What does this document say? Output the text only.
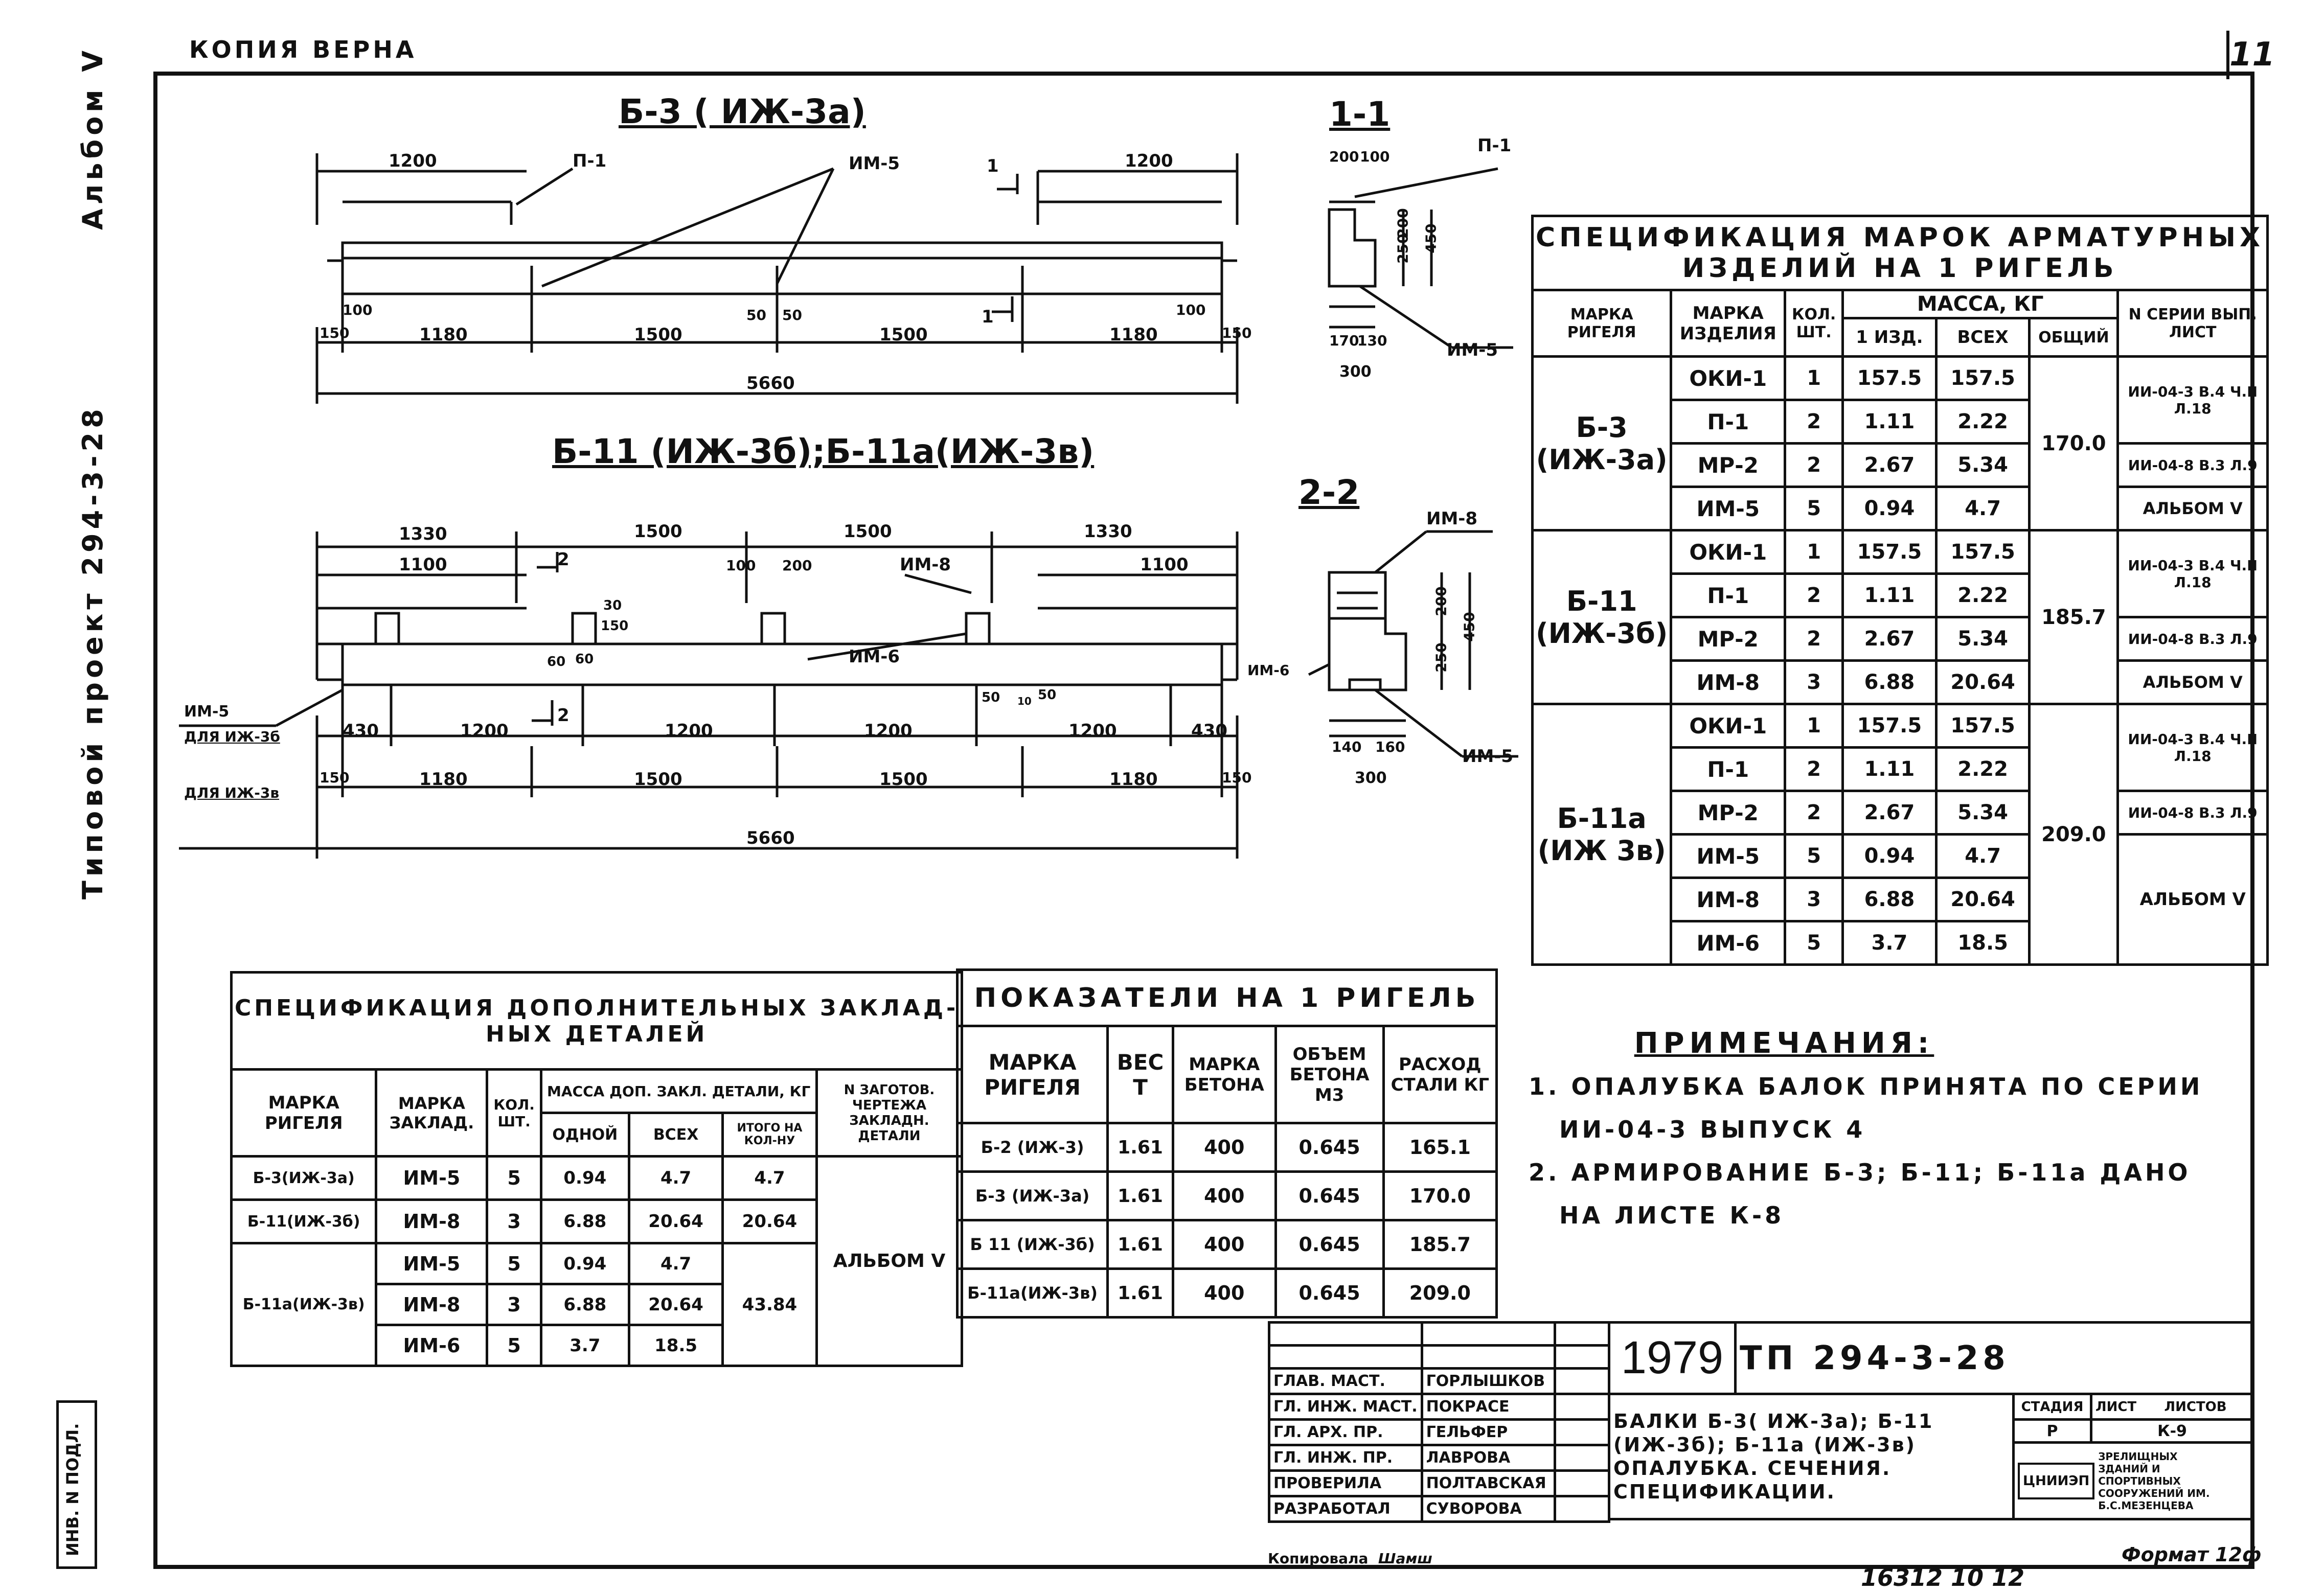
11
КОПИЯ ВЕРНА
Типовой проект 294-3-28
Альбом V
ИНВ. N ПОДЛ.
Б-3 ( ИЖ-3а)	1-1
1200	1200
П-1	ИМ-5	1
1
100	50 50	100
150	1180	1500	1500	1180	150
5660
200 100
250
200
450
170
130
300
П-1
ИМ-5
Б-11 (ИЖ-3б);Б-11а(ИЖ-3в)
2-2
1330	1500	1500	1330
1100	100 200	1100
ИМ-8
ИМ-6
2
2
30
150
60 60
50	50
10
ИМ-5
ДЛЯ ИЖ-3б
ДЛЯ ИЖ-3в
430	1200	1200	1200	1200	430
150	1180	1500	1500	1180	150
5660
200
250
450
140 160
300
ИМ-8
ИМ-6
ИМ-5
СПЕЦИФИКАЦИЯ МАРОК АРМАТУРНЫХ
ИЗДЕЛИЙ НА 1 РИГЕЛЬ						

МАРКА РИГЕЛЯ	МАРКА ИЗДЕЛИЯ	КОЛ. ШТ.	МАССА, КГ			N СЕРИИ ВЫП. ЛИСТ
			1 ИЗД.	ВСЕХ	ОБЩИЙ	
Б-3 (ИЖ-3а)	ОКИ-1	1	157.5	157.5	170.0	ИИ-04-3 В.4 Ч.II Л.18
	П-1	2	1.11	2.22		
	МР-2	2	2.67	5.34		ИИ-04-8 В.3 Л.9
	ИМ-5	5	0.94	4.7		АЛЬБОМ V
Б-11 (ИЖ-3б)	ОКИ-1	1	157.5	157.5	185.7	ИИ-04-3 В.4 Ч.II Л.18
	П-1	2	1.11	2.22		
	МР-2	2	2.67	5.34		ИИ-04-8 В.3 Л.9
	ИМ-8	3	6.88	20.64		АЛЬБОМ V
Б-11а (ИЖ 3в)	ОКИ-1	1	157.5	157.5	209.0	ИИ-04-3 В.4 Ч.II Л.18
	П-1	2	1.11	2.22		
	МР-2	2	2.67	5.34		ИИ-04-8 В.3 Л.9
	ИМ-5	5	0.94	4.7		АЛЬБОМ V
	ИМ-8	3	6.88	20.64		
	ИМ-6	5	3.7	18.5		
СПЕЦИФИКАЦИЯ ДОПОЛНИТЕЛЬНЫХ ЗАКЛАД-
НЫХ ДЕТАЛЕЙ						

МАРКА РИГЕЛЯ	МАРКА ЗАКЛАД.	КОЛ. ШТ.	МАССА ДОП. ЗАКЛ. ДЕТАЛИ, КГ			N ЗАГОТОВ. ЧЕРТЕЖА ЗАКЛАДН. ДЕТАЛИ
			ОДНОЙ	ВСЕХ	ИТОГО НА КОЛ-НУ	
Б-3(ИЖ-3а)	ИМ-5	5	0.94	4.7	4.7	АЛЬБОМ V
Б-11(ИЖ-3б)	ИМ-8	3	6.88	20.64	20.64	
Б-11а(ИЖ-3в)	ИМ-5	5	0.94	4.7	43.84	
	ИМ-8	3	6.88	20.64		
	ИМ-6	5	3.7	18.5		
ПОКАЗАТЕЛИ НА 1 РИГЕЛЬ				
МАРКА РИГЕЛЯ	ВЕС Т	МАРКА БЕТОНА	ОБЪЕМ БЕТОНА М3	РАСХОД СТАЛИ КГ
Б-2 (ИЖ-3)	1.61	400	0.645	165.1
Б-3 (ИЖ-3а)	1.61	400	0.645	170.0
Б 11 (ИЖ-3б)	1.61	400	0.645	185.7
Б-11а(ИЖ-3в)	1.61	400	0.645	209.0
ПРИМЕЧАНИЯ:
1. ОПАЛУБКА БАЛОК ПРИНЯТА ПО СЕРИИ
ИИ-04-3 ВЫПУСК 4
2. АРМИРОВАНИЕ Б-3; Б-11; Б-11а ДАНО
НА ЛИСТЕ К-8

ГЛАВ. МАСТ.	ГОРЛЫШКОВ	
ГЛ. ИНЖ. МАСТ.	ПОКРАСЕ	
ГЛ. АРХ. ПР.	ГЕЛЬФЕР	
ГЛ. ИНЖ. ПР.	ЛАВРОВА	
ПРОВЕРИЛА	ПОЛТАВСКАЯ	
РАЗРАБОТАЛ	СУВОРОВА	
1979	ТП 294-3-28		

БАЛКИ Б-3( ИЖ-3а); Б-11
(ИЖ-3б); Б-11а (ИЖ-3в)
ОПАЛУБКА. СЕЧЕНИЯ.
СПЕЦИФИКАЦИИ.		СТАДИЯ	ЛИСТ ЛИСТОВ
		Р	К-9
		ЦНИИЭП ЗРЕЛИЩНЫХ ЗДАНИЙ И СПОРТИВНЫХ СООРУЖЕНИЙ ИМ. Б.С.МЕЗЕНЦЕВА	
Копировала Шамш
16312 10 12
Формат 12ф
